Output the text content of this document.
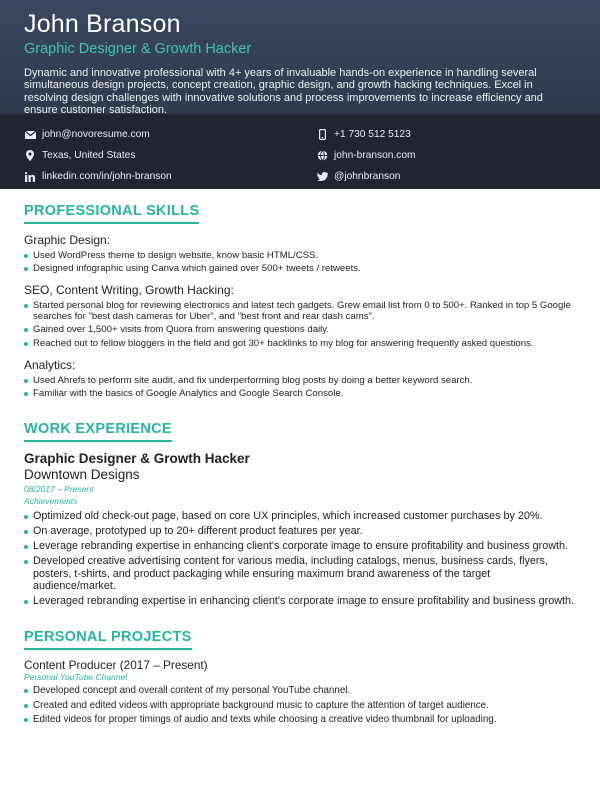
John Branson
Graphic Designer & Growth Hacker
Dynamic and innovative professional with 4+ years of invaluable hands-on experience in handling several simultaneous design projects, concept creation, graphic design, and growth hacking techniques. Excel in resolving design challenges with innovative solutions and process improvements to increase efficiency and ensure customer satisfaction.
john@novoresume.com	+1 730 512 5123
Texas, United States	john-branson.com
linkedin.com/in/john-branson	@johnbranson
PROFESSIONAL SKILLS
Graphic Design:
Used WordPress theme to design website, know basic HTML/CSS.
Designed infographic using Canva which gained over 500+ tweets / retweets.
SEO, Content Writing, Growth Hacking:
Started personal blog for reviewing electronics and latest tech gadgets. Grew email list from 0 to 500+. Ranked in top 5 Google searches for "best dash cameras for Uber", and "best front and rear dash cams".
Gained over 1,500+ visits from Quora from answering questions daily.
Reached out to fellow bloggers in the field and got 30+ backlinks to my blog for answering frequently asked questions.
Analytics:
Used Ahrefs to perform site audit, and fix underperforming blog posts by doing a better keyword search.
Familiar with the basics of Google Analytics and Google Search Console.
WORK EXPERIENCE
Graphic Designer & Growth Hacker
Downtown Designs
08/2017 – Present
Achievements
Optimized old check-out page, based on core UX principles, which increased customer purchases by 20%.
On average, prototyped up to 20+ different product features per year.
Leverage rebranding expertise in enhancing client's corporate image to ensure profitability and business growth.
Developed creative advertising content for various media, including catalogs, menus, business cards, flyers, posters, t-shirts, and product packaging while ensuring maximum brand awareness of the target audience/market.
Leveraged rebranding expertise in enhancing client's corporate image to ensure profitability and business growth.
PERSONAL PROJECTS
Content Producer (2017 – Present)
Personal YouTube Channel
Developed concept and overall content of my personal YouTube channel.
Created and edited videos with appropriate background music to capture the attention of target audience.
Edited videos for proper timings of audio and texts while choosing a creative video thumbnail for uploading.
